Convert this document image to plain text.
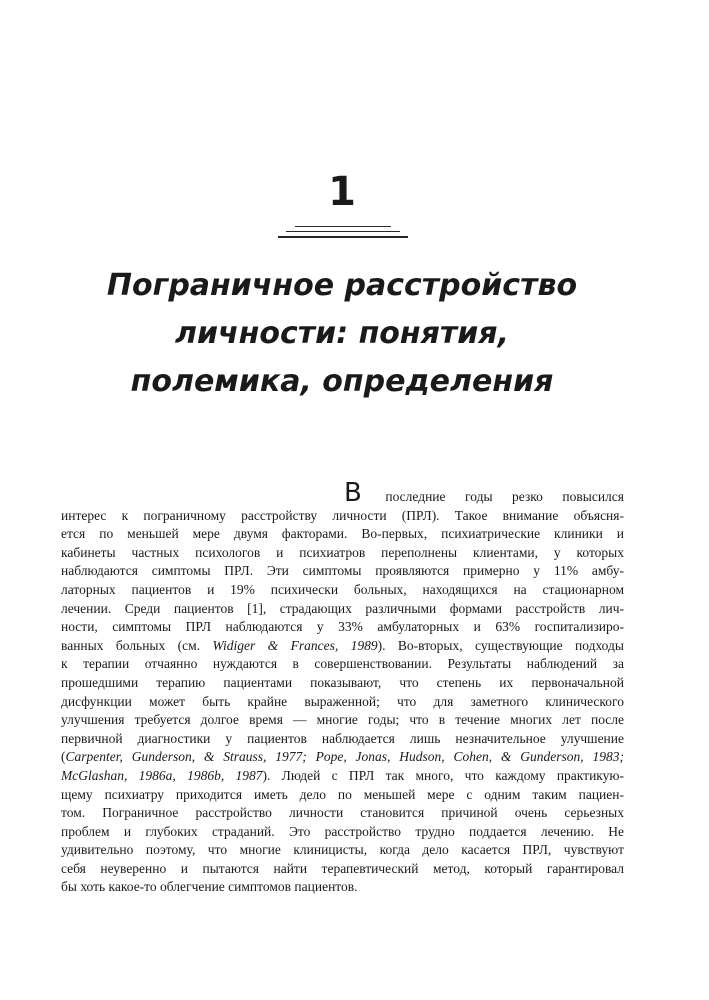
1
Пограничное расстройство
личности: понятия,
полемика, определения
В последние годы резко повысился
интерес к пограничному расстройству личности (ПРЛ). Такое внимание объясня-
ется по меньшей мере двумя факторами. Во-первых, психиатрические клиники и
кабинеты частных психологов и психиатров переполнены клиентами, у которых
наблюдаются симптомы ПРЛ. Эти симптомы проявляются примерно у 11% амбу-
латорных пациентов и 19% психически больных, находящихся на стационарном
лечении. Среди пациентов [1], страдающих различными формами расстройств лич-
ности, симптомы ПРЛ наблюдаются у 33% амбулаторных и 63% госпитализиро-
ванных больных (см. Widiger & Frances, 1989). Во-вторых, существующие подходы
к терапии отчаянно нуждаются в совершенствовании. Результаты наблюдений за
прошедшими терапию пациентами показывают, что степень их первоначальной
дисфункции может быть крайне выраженной; что для заметного клинического
улучшения требуется долгое время — многие годы; что в течение многих лет после
первичной диагностики у пациентов наблюдается лишь незначительное улучшение
(Carpenter, Gunderson, & Strauss, 1977; Pope, Jonas, Hudson, Cohen, & Gunderson, 1983;
McGlashan, 1986a, 1986b, 1987). Людей с ПРЛ так много, что каждому практикую-
щему психиатру приходится иметь дело по меньшей мере с одним таким пациен-
том. Пограничное расстройство личности становится причиной очень серьезных
проблем и глубоких страданий. Это расстройство трудно поддается лечению. Не
удивительно поэтому, что многие клиницисты, когда дело касается ПРЛ, чувствуют
себя неуверенно и пытаются найти терапевтический метод, который гарантировал
бы хоть какое-то облегчение симптомов пациентов.
